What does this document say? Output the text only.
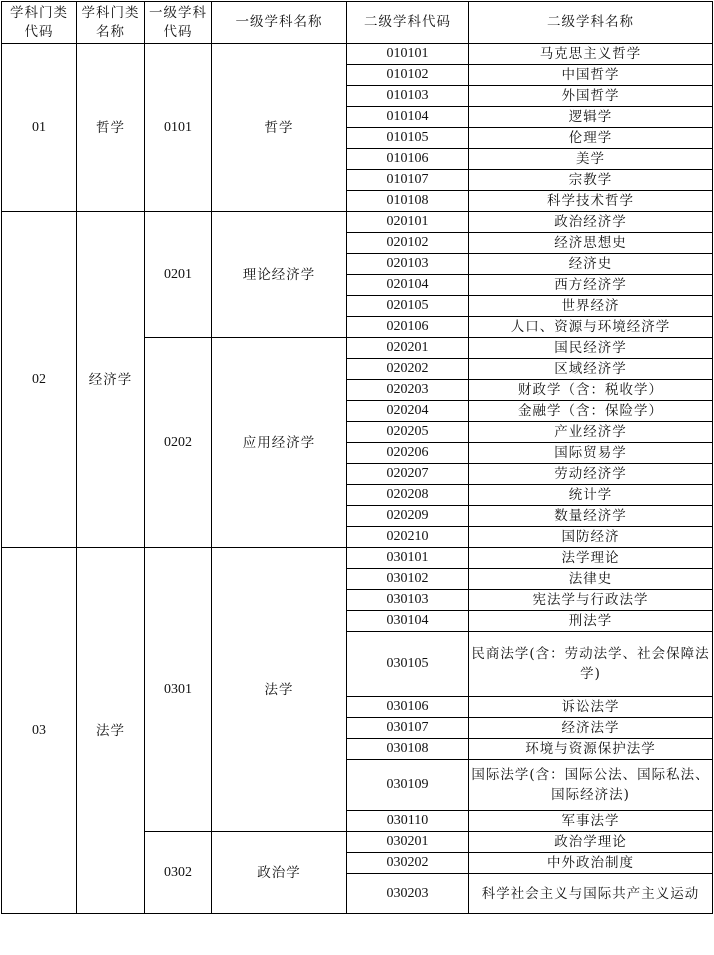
学科门类代码	学科门类名称	一级学科代码	一级学科名称	二级学科代码	二级学科名称
01	哲学	0101	哲学	010101	马克思主义哲学
				010102	中国哲学
				010103	外国哲学
				010104	逻辑学
				010105	伦理学
				010106	美学
				010107	宗教学
				010108	科学技术哲学
02	经济学	0201	理论经济学	020101	政治经济学
				020102	经济思想史
				020103	经济史
				020104	西方经济学
				020105	世界经济
				020106	人口、资源与环境经济学
		0202	应用经济学	020201	国民经济学
				020202	区域经济学
				020203	财政学（含：税收学）
				020204	金融学（含：保险学）
				020205	产业经济学
				020206	国际贸易学
				020207	劳动经济学
				020208	统计学
				020209	数量经济学
				020210	国防经济
03	法学	0301	法学	030101	法学理论
				030102	法律史
				030103	宪法学与行政法学
				030104	刑法学
				030105	民商法学(含：劳动法学、社会保障法学)
				030106	诉讼法学
				030107	经济法学
				030108	环境与资源保护法学
				030109	国际法学(含：国际公法、国际私法、国际经济法)
				030110	军事法学
		0302	政治学	030201	政治学理论
				030202	中外政治制度
				030203	科学社会主义与国际共产主义运动
